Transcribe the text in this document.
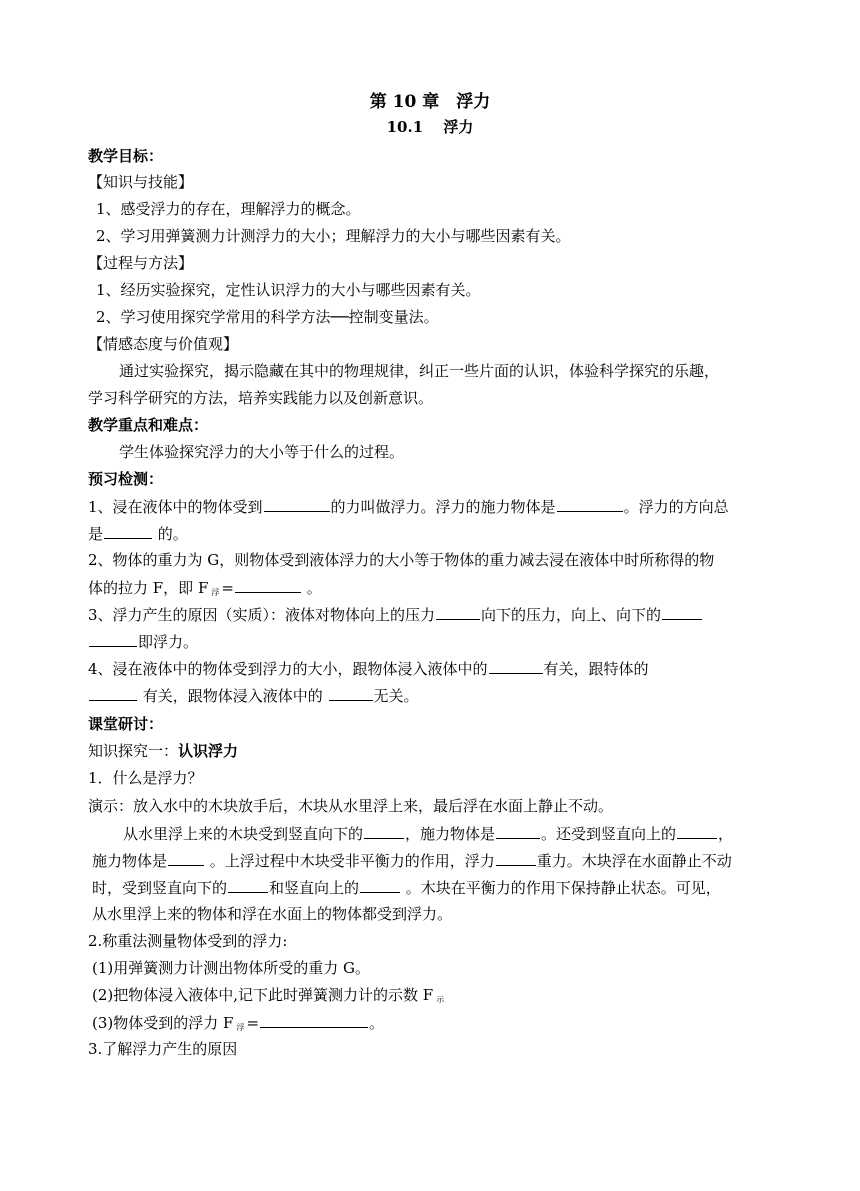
第 10 章　浮力
10.1　 浮力
教学目标：
【知识与技能】
1、感受浮力的存在，理解浮力的概念。
2、学习用弹簧测力计测浮力的大小；理解浮力的大小与哪些因素有关。
【过程与方法】
1、经历实验探究，定性认识浮力的大小与哪些因素有关。
2、学习使用探究学常用的科学方法──控制变量法。
【情感态度与价值观】
通过实验探究，揭示隐藏在其中的物理规律，纠正一些片面的认识，体验科学探究的乐趣，
学习科学研究的方法，培养实践能力以及创新意识。
教学重点和难点：
学生体验探究浮力的大小等于什么的过程。
预习检测：
1、浸在液体中的物体受到	的力叫做浮力。浮力的施力物体是	。浮力的方向总
是	的。
2、物体的重力为 G，则物体受到液体浮力的大小等于物体的重力减去浸在液体中时所称得的物
体的拉力 F，即 F $_浮$ =	。
3、浮力产生的原因（实质）：液体对物体向上的压力	向下的压力，向上、向下的
即浮力。
4、浸在液体中的物体受到浮力的大小，跟物体浸入液体中的	有关，跟特体的
有关，跟物体浸入液体中的	无关。
课堂研讨：
知识探究一：认识浮力
1．什么是浮力？
演示：放入水中的木块放手后，木块从水里浮上来，最后浮在水面上静止不动。
从水里浮上来的木块受到竖直向下的	，施力物体是	。还受到竖直向上的	，
施力物体是	。上浮过程中木块受非平衡力的作用，浮力	重力。木块浮在水面静止不动
时，受到竖直向下的	和竖直向上的	。木块在平衡力的作用下保持静止状态。可见，
从水里浮上来的物体和浮在水面上的物体都受到浮力。
2.称重法测量物体受到的浮力:
(1)用弹簧测力计测出物体所受的重力 G。
(2)把物体浸入液体中,记下此时弹簧测力计的示数 F $_示$
(3)物体受到的浮力 F $_浮$ =	。
3.了解浮力产生的原因
